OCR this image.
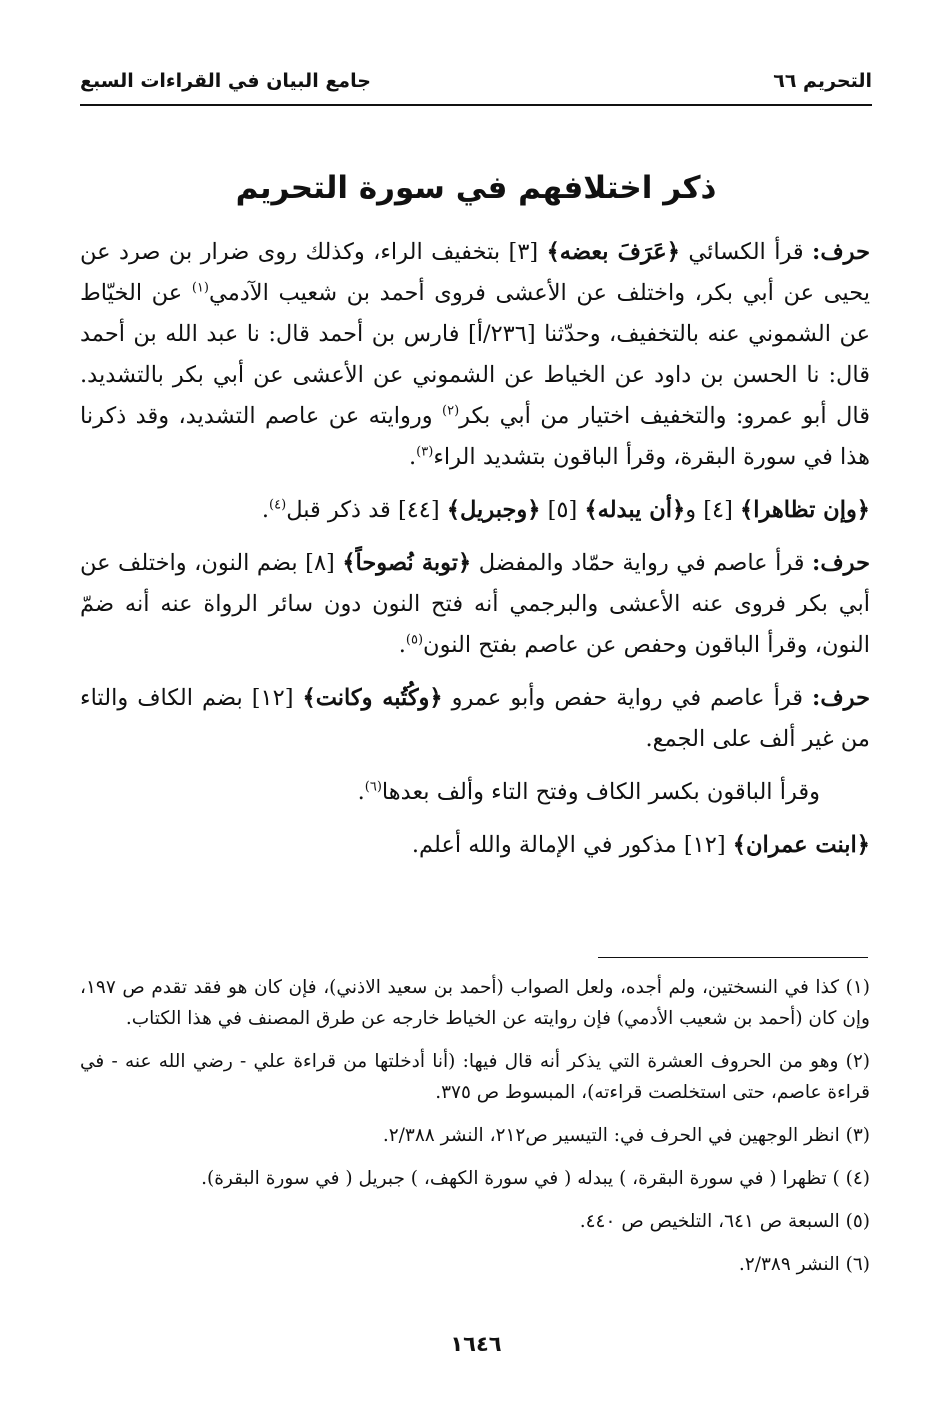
التحريم ٦٦
جامع البيان في القراءات السبع
ذكر اختلافهم في سورة التحريم

حرف: قرأ الكسائي ﴿عَرَفَ بعضه﴾ [٣] بتخفيف الراء، وكذلك روى ضرار بن صرد عن يحيى عن أبي بكر، واختلف عن الأعشى فروى أحمد بن شعيب الآدمي$^{(١)}$ عن الخيّاط عن الشموني عنه بالتخفيف، وحدّثنا [٢٣٦/أ] فارس بن أحمد قال: نا عبد الله بن أحمد قال: نا الحسن بن داود عن الخياط عن الشموني عن الأعشى عن أبي بكر بالتشديد. قال أبو عمرو: والتخفيف اختيار من أبي بكر$^{(٢)}$ وروايته عن عاصم التشديد، وقد ذكرنا هذا في سورة البقرة، وقرأ الباقون بتشديد الراء$^{(٣)}$.

﴿وإن تظاهرا﴾ [٤] و﴿أن يبدله﴾ [٥] ﴿وجبريل﴾ [٤٤] قد ذكر قبل$^{(٤)}$.

حرف: قرأ عاصم في رواية حمّاد والمفضل ﴿توبة نُصوحاً﴾ [٨] بضم النون، واختلف عن أبي بكر فروى عنه الأعشى والبرجمي أنه فتح النون دون سائر الرواة عنه أنه ضمّ النون، وقرأ الباقون وحفص عن عاصم بفتح النون$^{(٥)}$.

حرف: قرأ عاصم في رواية حفص وأبو عمرو ﴿وكُتُبه وكانت﴾ [١٢] بضم الكاف والتاء من غير ألف على الجمع.

وقرأ الباقون بكسر الكاف وفتح التاء وألف بعدها$^{(٦)}$.

﴿ابنت عمران﴾ [١٢] مذكور في الإمالة والله أعلم.

(١) كذا في النسختين، ولم أجده، ولعل الصواب (أحمد بن سعيد الاذني)، فإن كان هو فقد تقدم ص ١٩٧، وإن كان (أحمد بن شعيب الأدمي) فإن روايته عن الخياط خارجه عن طرق المصنف في هذا الكتاب.

(٢) وهو من الحروف العشرة التي يذكر أنه قال فيها: (أنا أدخلتها من قراءة علي - رضي الله عنه - في قراءة عاصم، حتى استخلصت قراءته)، المبسوط ص ٣٧٥.

(٣) انظر الوجهين في الحرف في: التيسير ص٢١٢، النشر ٢/٣٨٨.

(٤) ) تظهرا ( في سورة البقرة، ) يبدله ( في سورة الكهف، ) جبريل ( في سورة البقرة).

(٥) السبعة ص ٦٤١، التلخيص ص ٤٤٠.

(٦) النشر ٢/٣٨٩.

١٦٤٦
